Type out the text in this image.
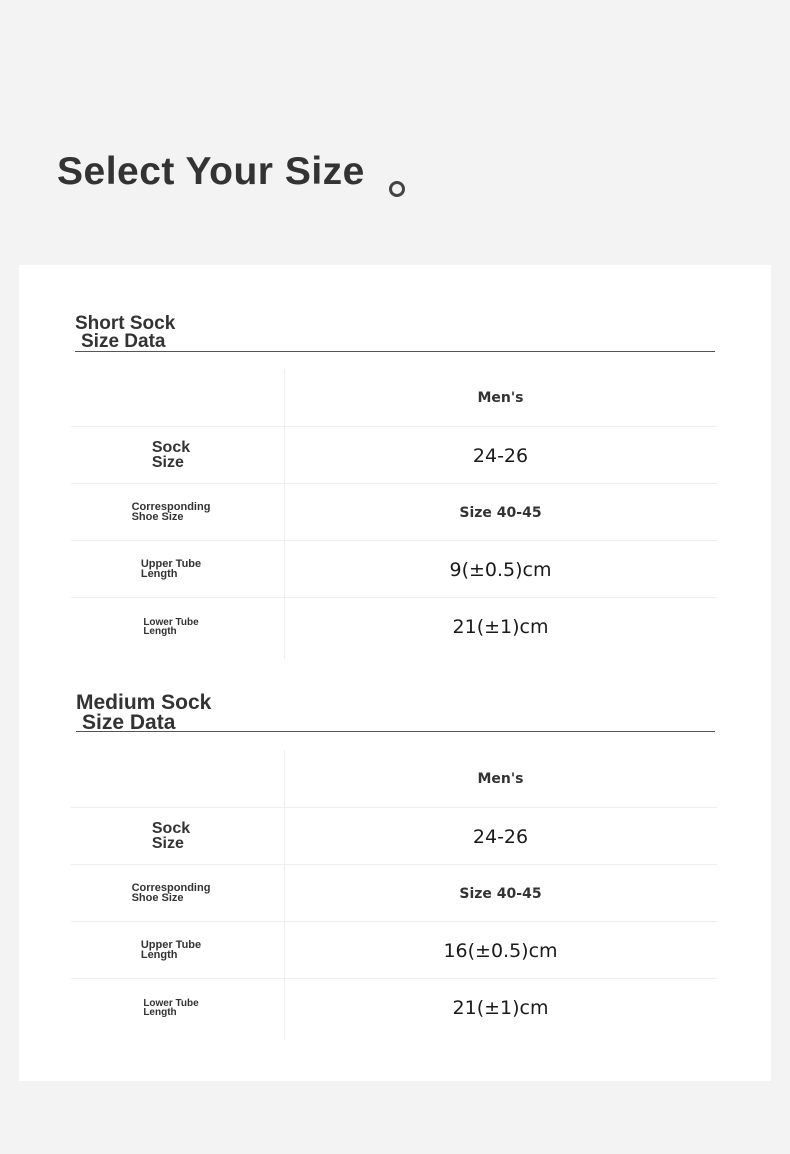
Select Your Size
Short Sock
Size Data
Men's
Sock
Size	24-26
Corresponding
Shoe Size	Size 40-45
Upper Tube
Length	9(±0.5)cm
Lower Tube
Length	21(±1)cm
Medium Sock
Size Data
Men's
Sock
Size	24-26
Corresponding
Shoe Size	Size 40-45
Upper Tube
Length	16(±0.5)cm
Lower Tube
Length	21(±1)cm
